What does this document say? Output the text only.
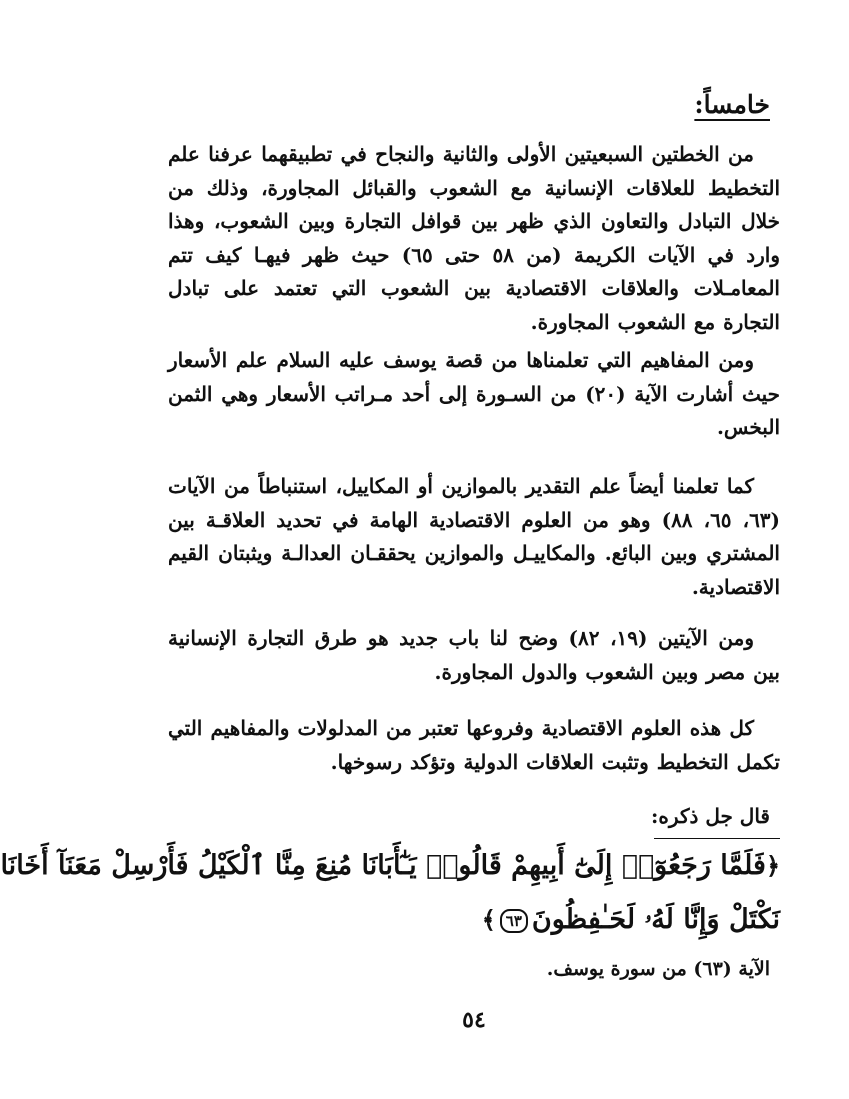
خامساً:

من الخطتين السبعيتين الأولى والثانية والنجاح في تطبيقهما عرفنا علم التخطيط للعلاقات الإنسانية مع الشعوب والقبائل المجاورة، وذلك من خلال التبادل والتعاون الذي ظهر بين قوافل التجارة وبين الشعوب، وهذا وارد في الآيات الكريمة (من ٥٨ حتى ٦٥) حيث ظهر فيهـا كيف تتم المعامـلات والعلاقات الاقتصادية بين الشعوب التي تعتمد على تبادل التجارة مع الشعوب المجاورة.

ومن المفاهيم التي تعلمناها من قصة يوسف عليه السلام علم الأسعار حيث أشارت الآية (٢٠) من السـورة إلى أحد مـراتب الأسعار وهي الثمن البخس.

كما تعلمنا أيضاً علم التقدير بالموازين أو المكاييل، استنباطاً من الآيات (٦٣، ٦٥، ٨٨) وهو من العلوم الاقتصادية الهامة في تحديد العلاقـة بين المشتري وبين البائع. والمكاييـل والموازين يحققـان العدالـة ويثبتان القيم الاقتصادية.

ومن الآيتين (١٩، ٨٢) وضح لنا باب جديد هو طرق التجارة الإنسانية بين مصر وبين الشعوب والدول المجاورة.

كل هذه العلوم الاقتصادية وفروعها تعتبر من المدلولات والمفاهيم التي تكمل التخطيط وتثبت العلاقات الدولية وتؤكد رسوخها.

قال جل ذكره:
﴿فَلَمَّا رَجَعُوٓا۟ إِلَىٰٓ أَبِيهِمْ قَالُوا۟ يَـٰٓأَبَانَا مُنِعَ مِنَّا ٱلْكَيْلُ فَأَرْسِلْ مَعَنَآ أَخَانَا
نَكْتَلْ وَإِنَّا لَهُۥ لَحَـٰفِظُونَ٦٣﴾
الآية (٦٣) من سورة يوسف.
٥٤
